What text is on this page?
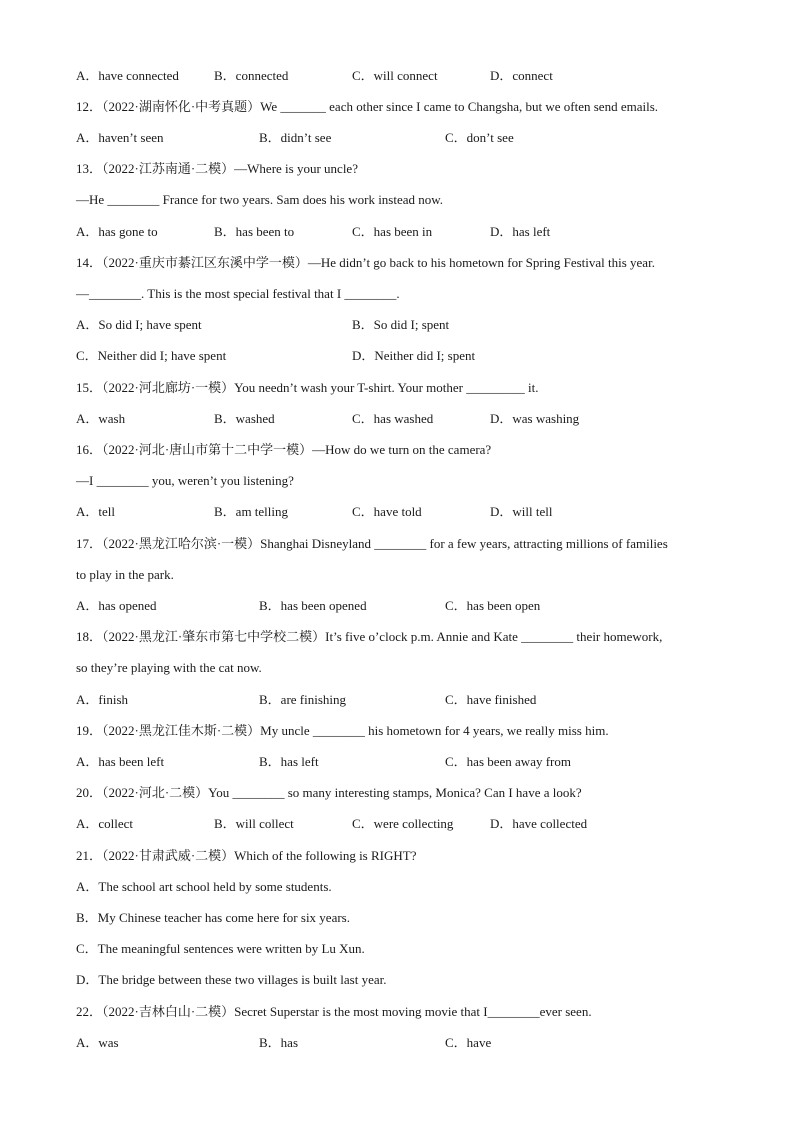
A．have connected	B．connected	C．will connect	D．connect
12．（2022·湖南怀化·中考真题）We _______ each other since I came to Changsha, but we often send emails.
A．haven’t seen	B．didn’t see	C．don’t see
13．（2022·江苏南通·二模）—Where is your uncle?
—He ________ France for two years. Sam does his work instead now.
A．has gone to	B．has been to	C．has been in	D．has left
14．（2022·重庆市綦江区东溪中学一模）—He didn’t go back to his hometown for Spring Festival this year.
—________. This is the most special festival that I ________.
A．So did I; have spent	B．So did I; spent
C．Neither did I; have spent	D．Neither did I; spent
15．（2022·河北廊坊·一模）You needn’t wash your T-shirt. Your mother _________ it.
A．wash	B．washed	C．has washed	D．was washing
16．（2022·河北·唐山市第十二中学一模）—How do we turn on the camera?
—I ________ you, weren’t you listening?
A．tell	B．am telling	C．have told	D．will tell
17．（2022·黑龙江哈尔滨·一模）Shanghai Disneyland ________ for a few years, attracting millions of families
to play in the park.
A．has opened	B．has been opened	C．has been open
18．（2022·黑龙江·肇东市第七中学校二模）It’s five o’clock p.m. Annie and Kate ________ their homework,
so they’re playing with the cat now.
A．finish	B．are finishing	C．have finished
19．（2022·黑龙江佳木斯·二模）My uncle ________ his hometown for 4 years, we really miss him.
A．has been left	B．has left	C．has been away from
20．（2022·河北·二模）You ________ so many interesting stamps, Monica? Can I have a look?
A．collect	B．will collect	C．were collecting	D．have collected
21．（2022·甘肃武威·二模）Which of the following is RIGHT?
A．The school art school held by some students.
B．My Chinese teacher has come here for six years.
C．The meaningful sentences were written by Lu Xun.
D．The bridge between these two villages is built last year.
22．（2022·吉林白山·二模）Secret Superstar is the most moving movie that I________ever seen.
A．was	B．has	C．have
